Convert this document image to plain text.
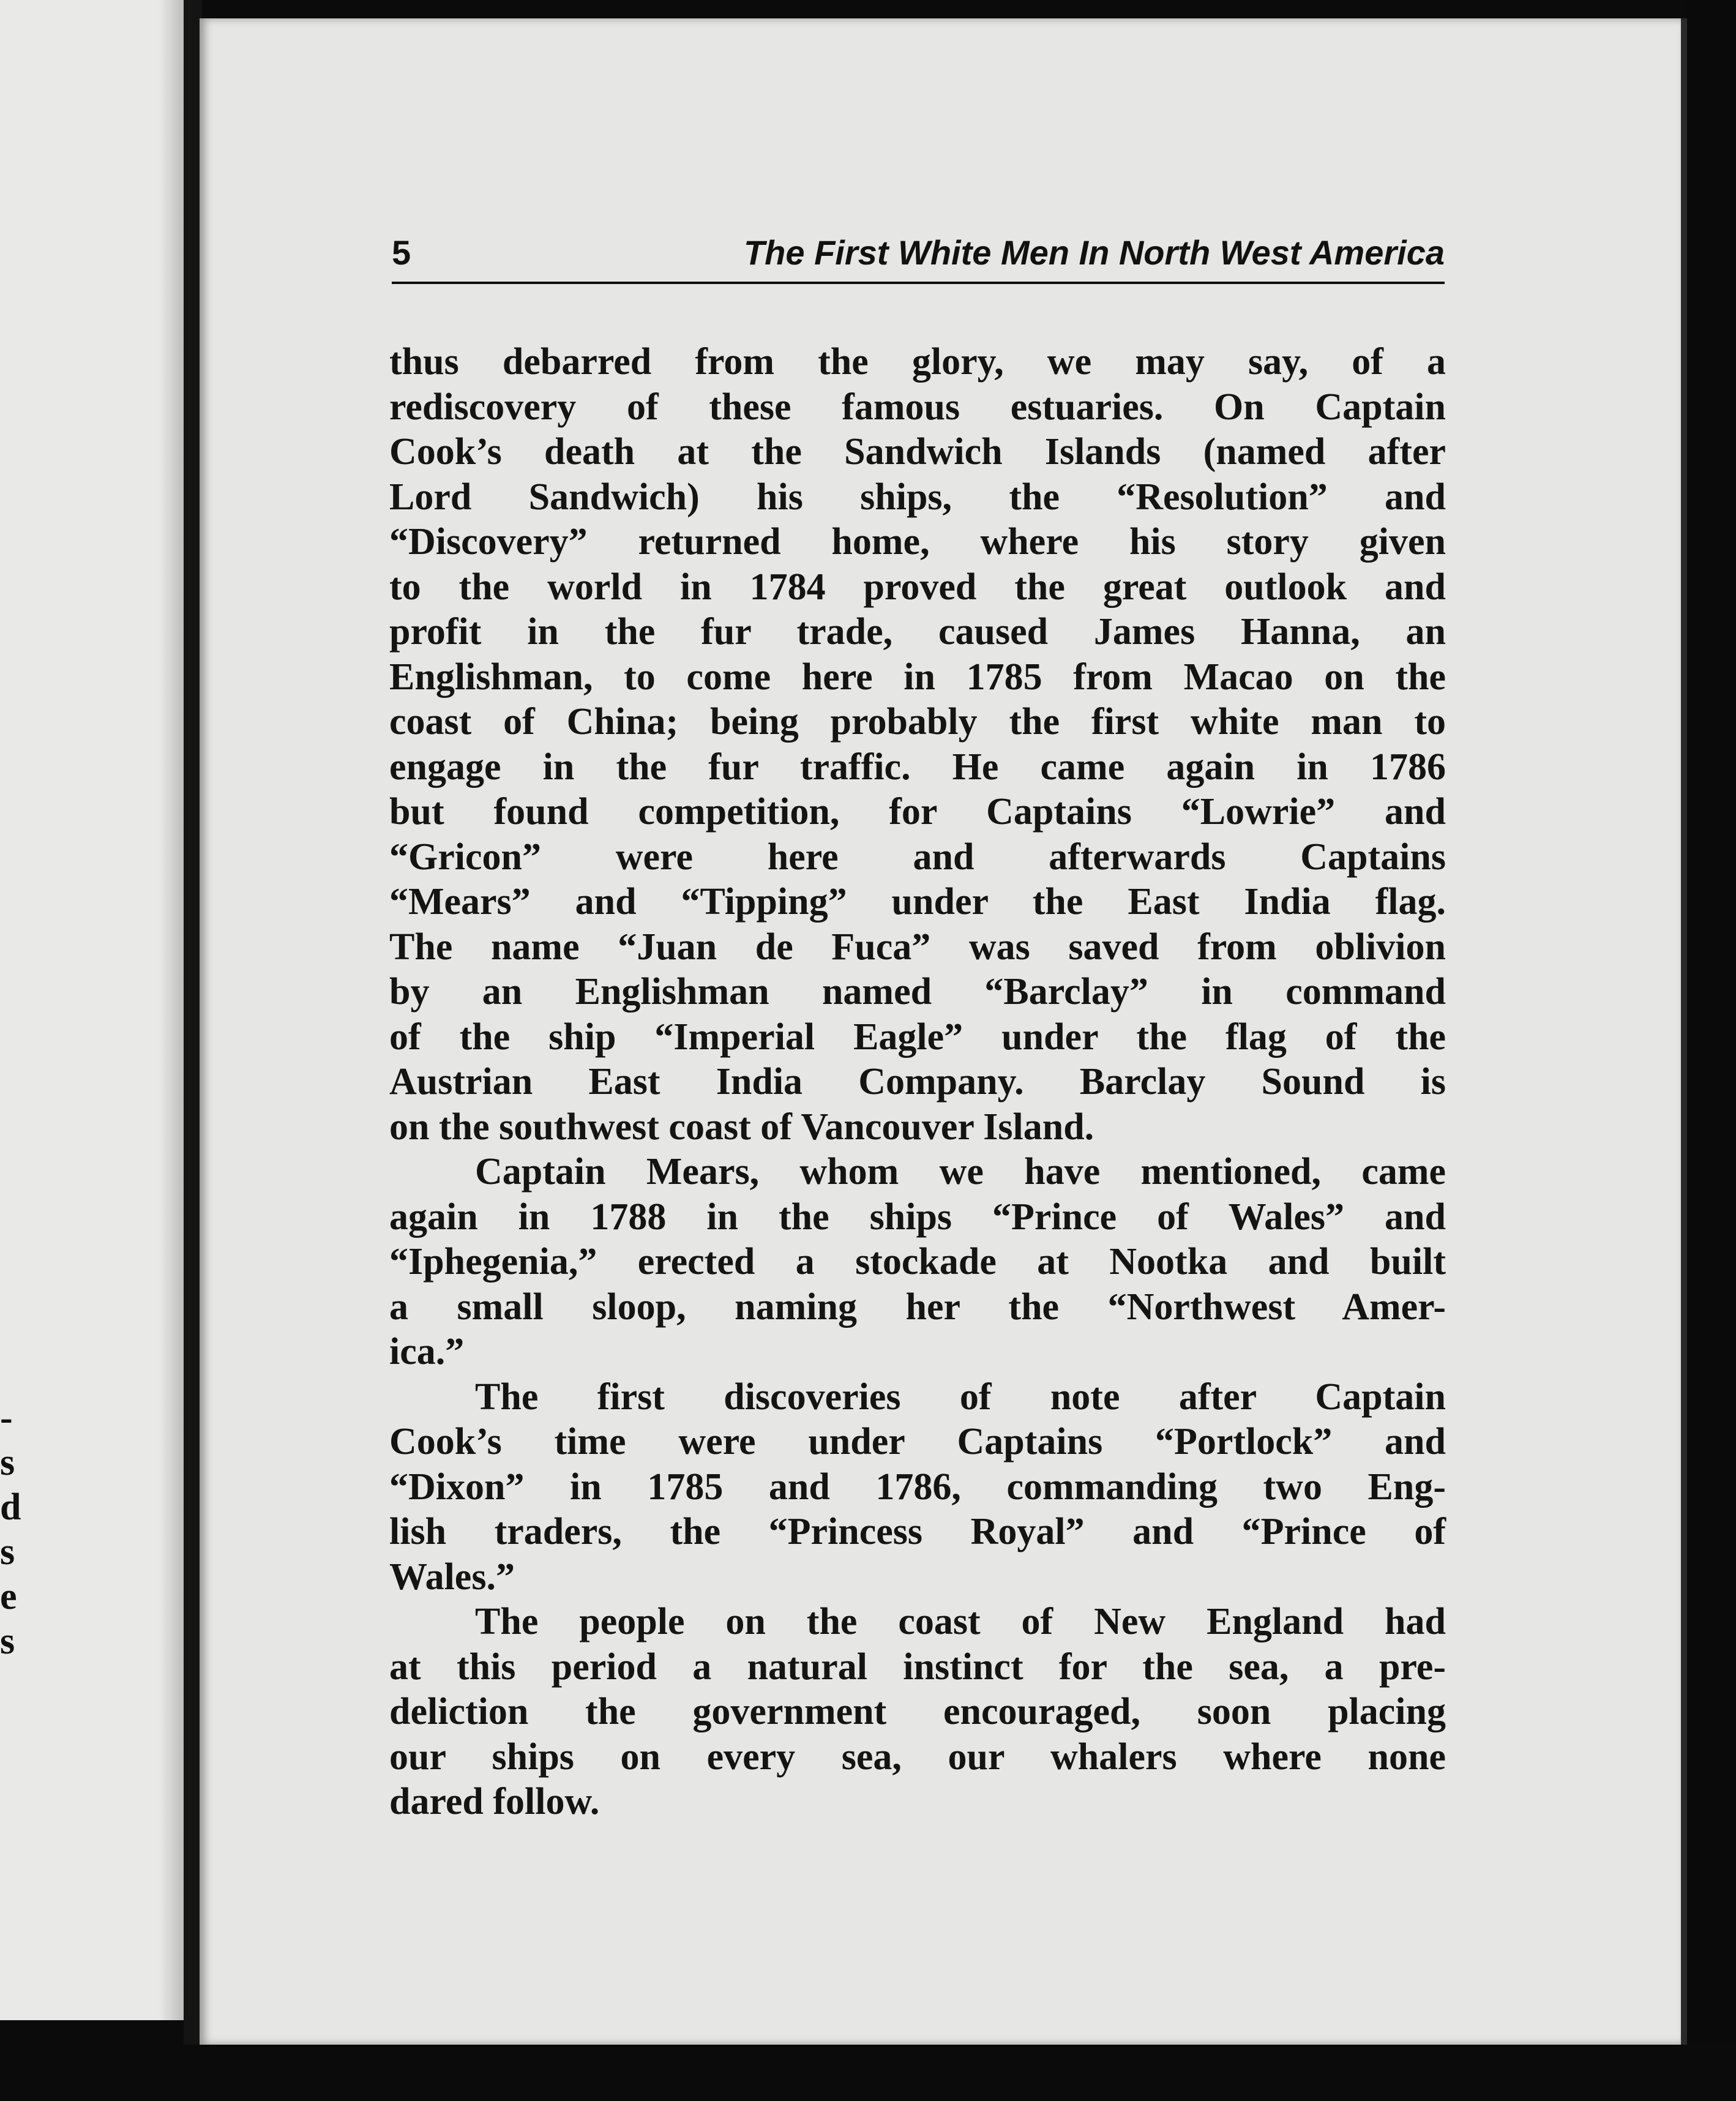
-
s
d
s
e
s
5	The First White Men In North West America
thus debarred from the glory, we may say, of a
rediscovery of these famous estuaries. On Captain
Cook’s death at the Sandwich Islands (named after
Lord Sandwich) his ships, the “Resolution” and
“Discovery” returned home, where his story given
to the world in 1784 proved the great outlook and
profit in the fur trade, caused James Hanna, an
Englishman, to come here in 1785 from Macao on the
coast of China; being probably the first white man to
engage in the fur traffic. He came again in 1786
but found competition, for Captains “Lowrie” and
“Gricon” were here and afterwards Captains
“Mears” and “Tipping” under the East India flag.
The name “Juan de Fuca” was saved from oblivion
by an Englishman named “Barclay” in command
of the ship “Imperial Eagle” under the flag of the
Austrian East India Company. Barclay Sound is
on the southwest coast of Vancouver Island.
Captain Mears, whom we have mentioned, came
again in 1788 in the ships “Prince of Wales” and
“Iphegenia,” erected a stockade at Nootka and built
a small sloop, naming her the “Northwest Amer-
ica.”
The first discoveries of note after Captain
Cook’s time were under Captains “Portlock” and
“Dixon” in 1785 and 1786, commanding two Eng-
lish traders, the “Princess Royal” and “Prince of
Wales.”
The people on the coast of New England had
at this period a natural instinct for the sea, a pre-
deliction the government encouraged, soon placing
our ships on every sea, our whalers where none
dared follow.
